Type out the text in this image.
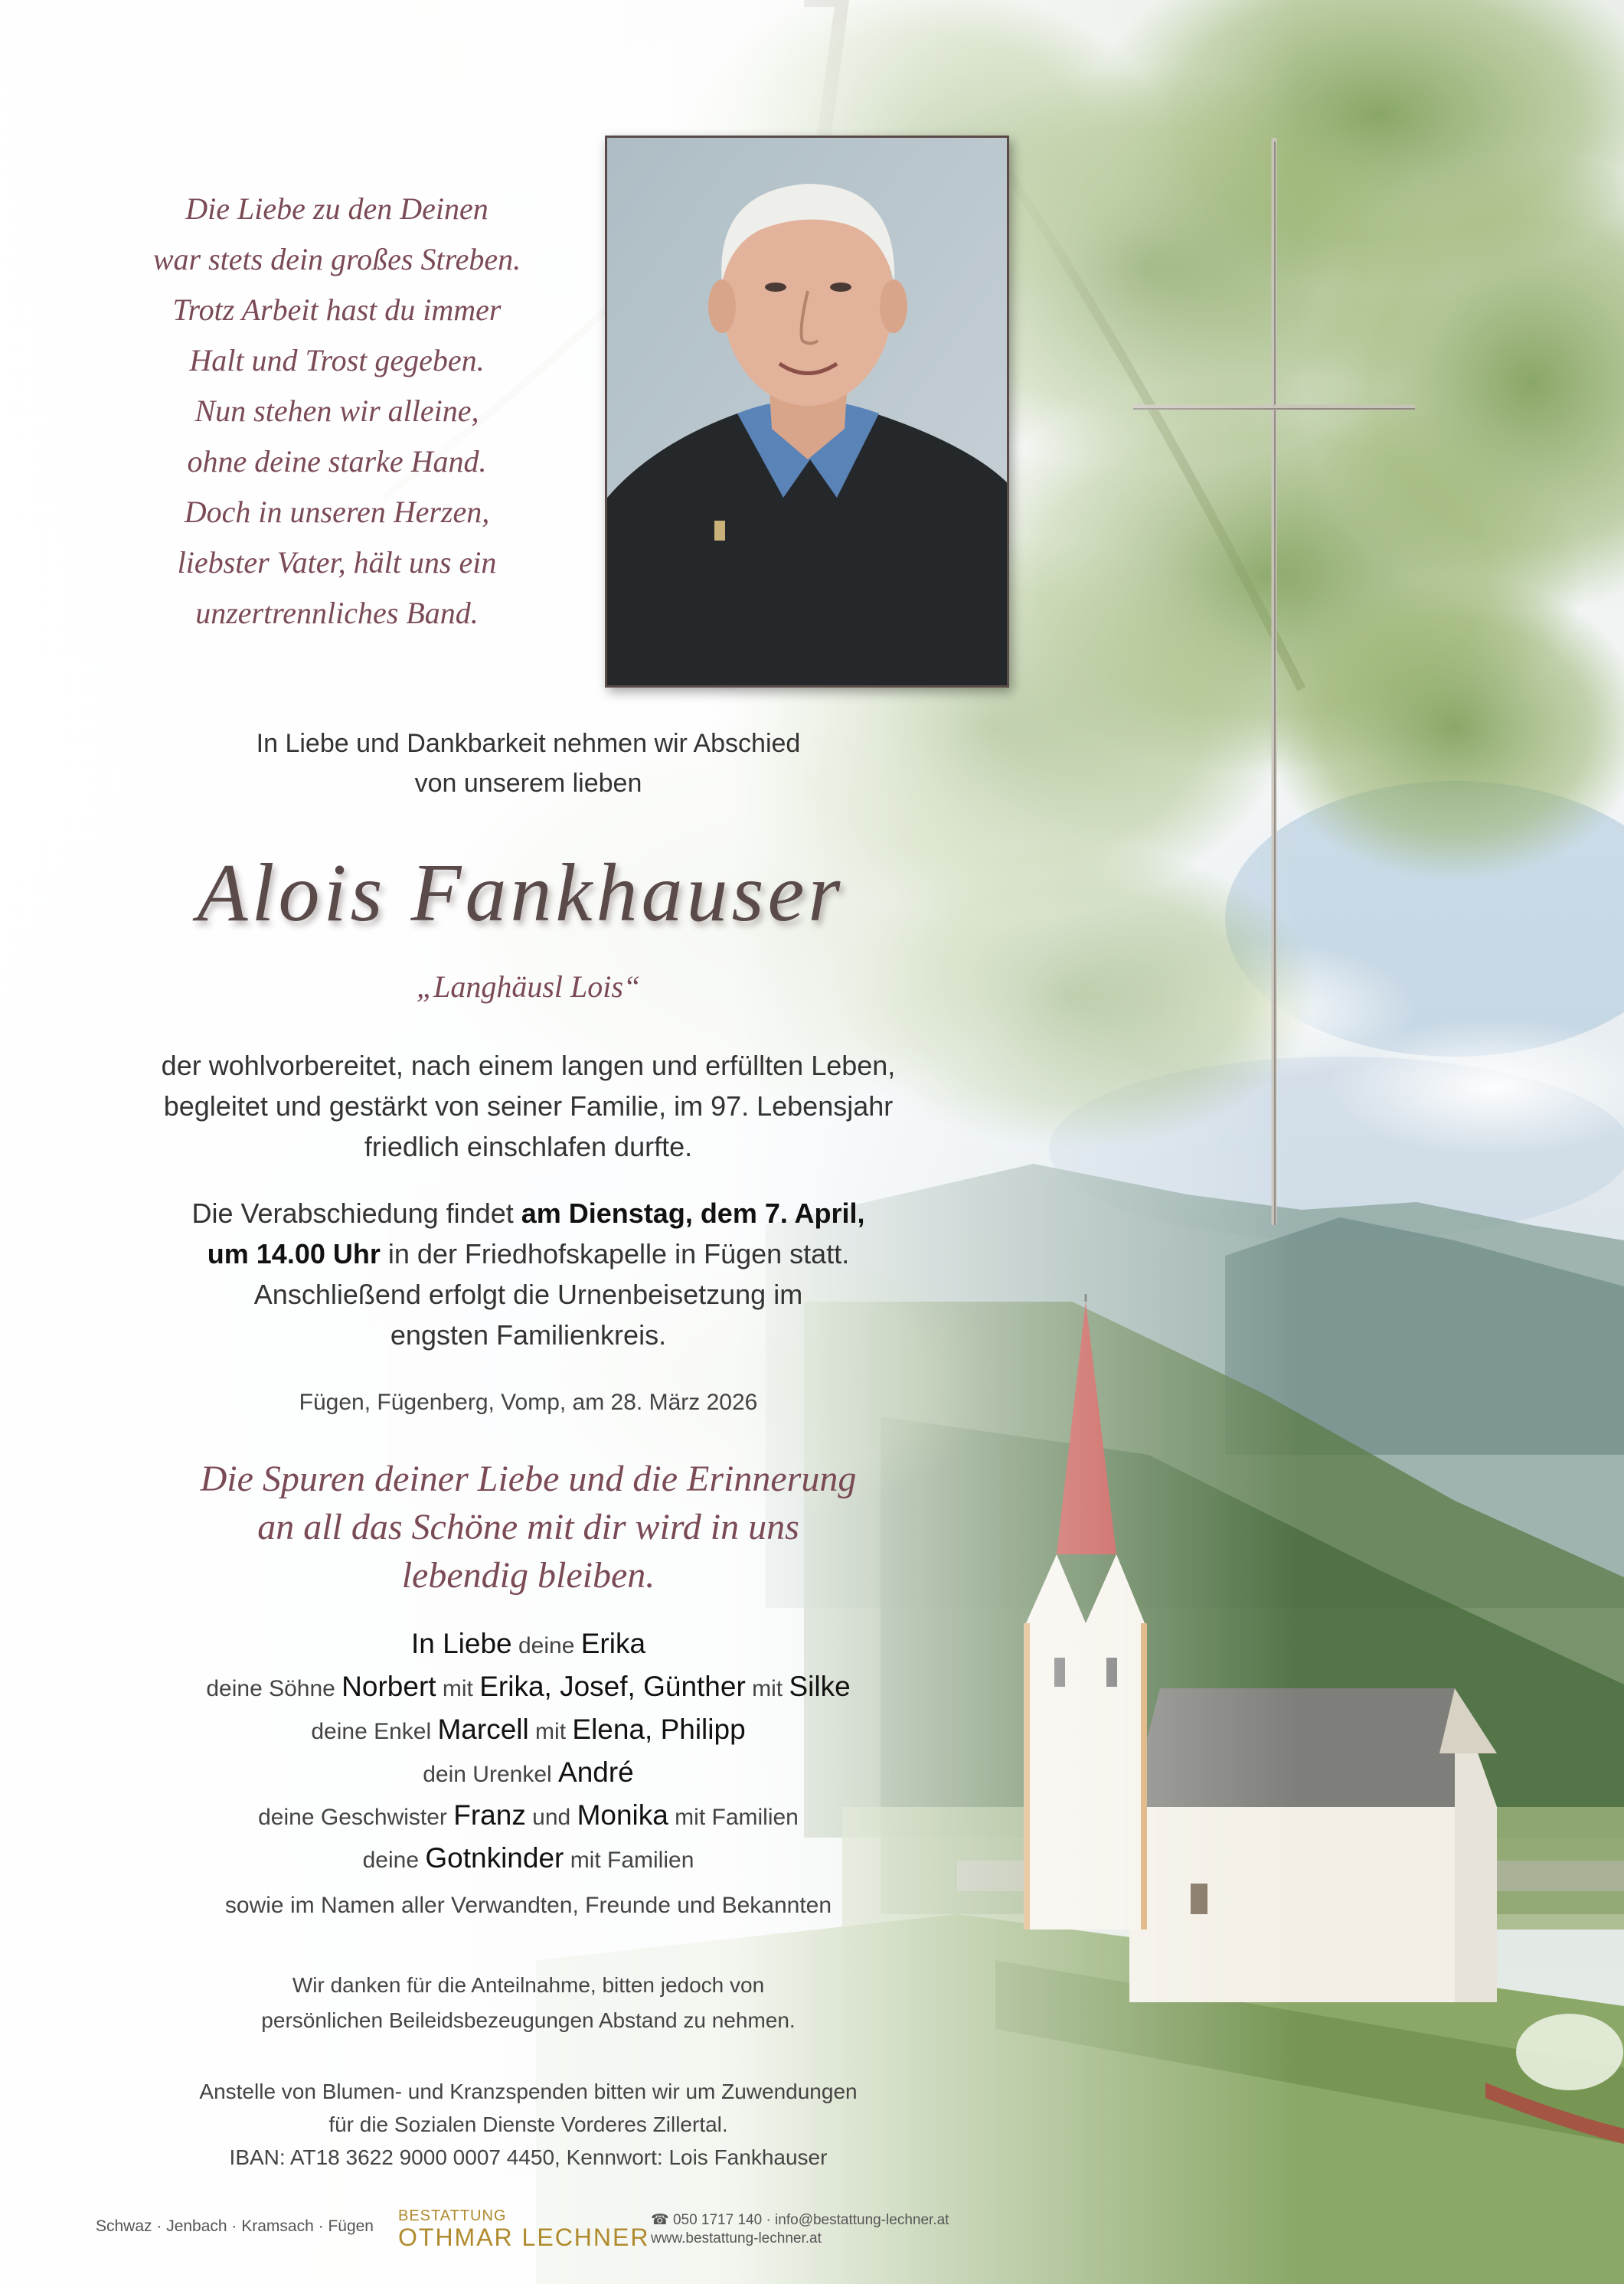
Die Liebe zu den Deinen
war stets dein großes Streben.
Trotz Arbeit hast du immer
Halt und Trost gegeben.
Nun stehen wir alleine,
ohne deine starke Hand.
Doch in unseren Herzen,
liebster Vater, hält uns ein
unzertrennliches Band.
In Liebe und Dankbarkeit nehmen wir Abschied
von unserem lieben
Alois Fankhauser
„Langhäusl Lois“
der wohlvorbereitet, nach einem langen und erfüllten Leben,
begleitet und gestärkt von seiner Familie, im 97. Lebensjahr
friedlich einschlafen durfte.
Die Verabschiedung findet am Dienstag, dem 7. April,
um 14.00 Uhr in der Friedhofskapelle in Fügen statt.
Anschließend erfolgt die Urnenbeisetzung im
engsten Familienkreis.
Fügen, Fügenberg, Vomp, am 28. März 2026
Die Spuren deiner Liebe und die Erinnerung
an all das Schöne mit dir wird in uns
lebendig bleiben.
In Liebe deine Erika
deine Söhne Norbert mit Erika, Josef, Günther mit Silke
deine Enkel Marcell mit Elena, Philipp
dein Urenkel André
deine Geschwister Franz und Monika mit Familien
deine Gotnkinder mit Familien
sowie im Namen aller Verwandten, Freunde und Bekannten
Wir danken für die Anteilnahme, bitten jedoch von
persönlichen Beileidsbezeugungen Abstand zu nehmen.
Anstelle von Blumen- und Kranzspenden bitten wir um Zuwendungen
für die Sozialen Dienste Vorderes Zillertal.
IBAN: AT18 3622 9000 0007 4450, Kennwort: Lois Fankhauser
Schwaz · Jenbach · Kramsach · Fügen
BESTATTUNG
OTHMAR LECHNER
☎ 050 1717 140 · info@bestattung-lechner.at
www.bestattung-lechner.at
